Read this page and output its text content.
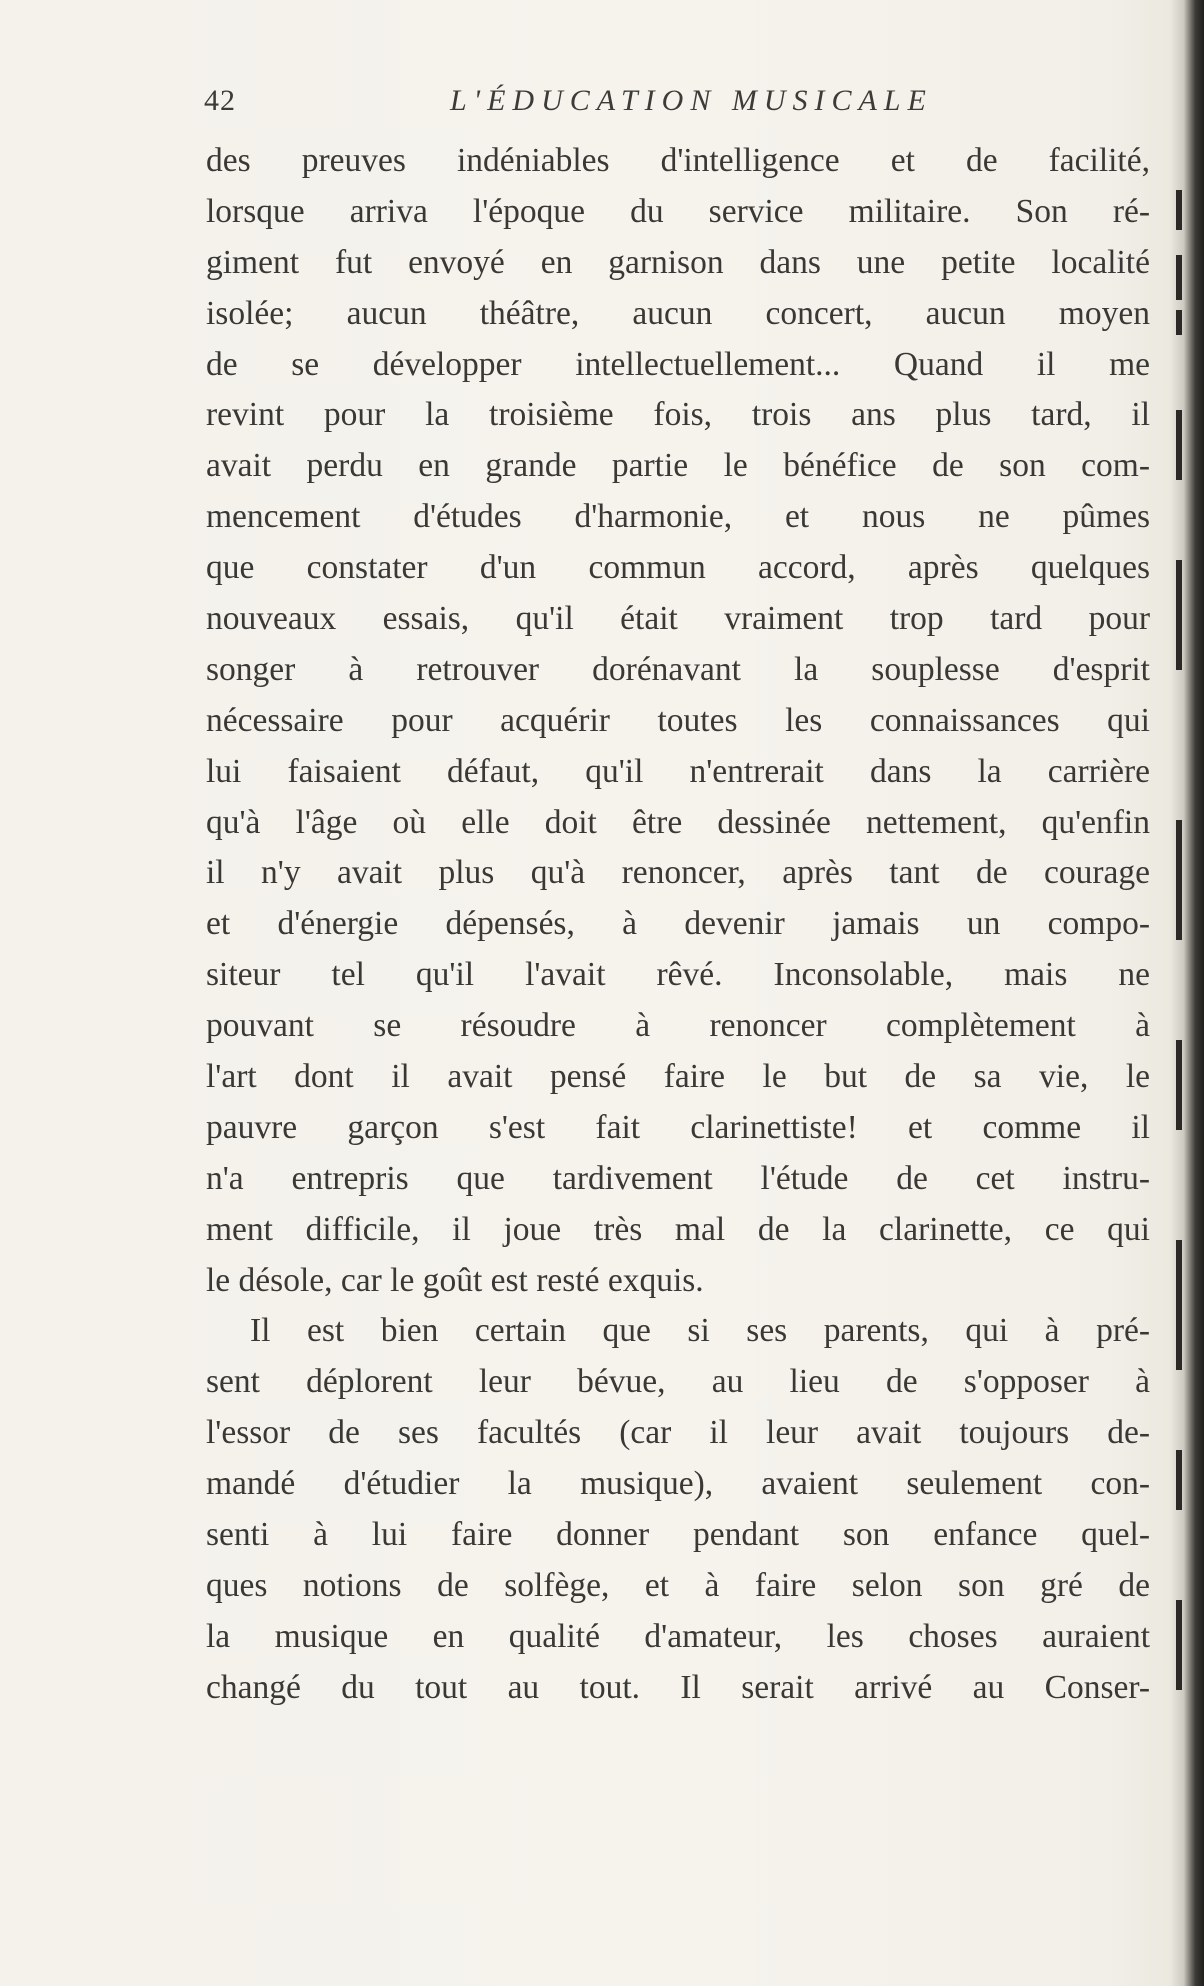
42	L'ÉDUCATION MUSICALE
des preuves indéniables d'intelligence et de facilité,
lorsque arriva l'époque du service militaire. Son ré-
giment fut envoyé en garnison dans une petite localité
isolée; aucun théâtre, aucun concert, aucun moyen
de se développer intellectuellement... Quand il me
revint pour la troisième fois, trois ans plus tard, il
avait perdu en grande partie le bénéfice de son com-
mencement d'études d'harmonie, et nous ne pûmes
que constater d'un commun accord, après quelques
nouveaux essais, qu'il était vraiment trop tard pour
songer à retrouver dorénavant la souplesse d'esprit
nécessaire pour acquérir toutes les connaissances qui
lui faisaient défaut, qu'il n'entrerait dans la carrière
qu'à l'âge où elle doit être dessinée nettement, qu'enfin
il n'y avait plus qu'à renoncer, après tant de courage
et d'énergie dépensés, à devenir jamais un compo-
siteur tel qu'il l'avait rêvé. Inconsolable, mais ne
pouvant se résoudre à renoncer complètement à
l'art dont il avait pensé faire le but de sa vie, le
pauvre garçon s'est fait clarinettiste! et comme il
n'a entrepris que tardivement l'étude de cet instru-
ment difficile, il joue très mal de la clarinette, ce qui
le désole, car le goût est resté exquis.
Il est bien certain que si ses parents, qui à pré-
sent déplorent leur bévue, au lieu de s'opposer à
l'essor de ses facultés (car il leur avait toujours de-
mandé d'étudier la musique), avaient seulement con-
senti à lui faire donner pendant son enfance quel-
ques notions de solfège, et à faire selon son gré de
la musique en qualité d'amateur, les choses auraient
changé du tout au tout. Il serait arrivé au Conser-
